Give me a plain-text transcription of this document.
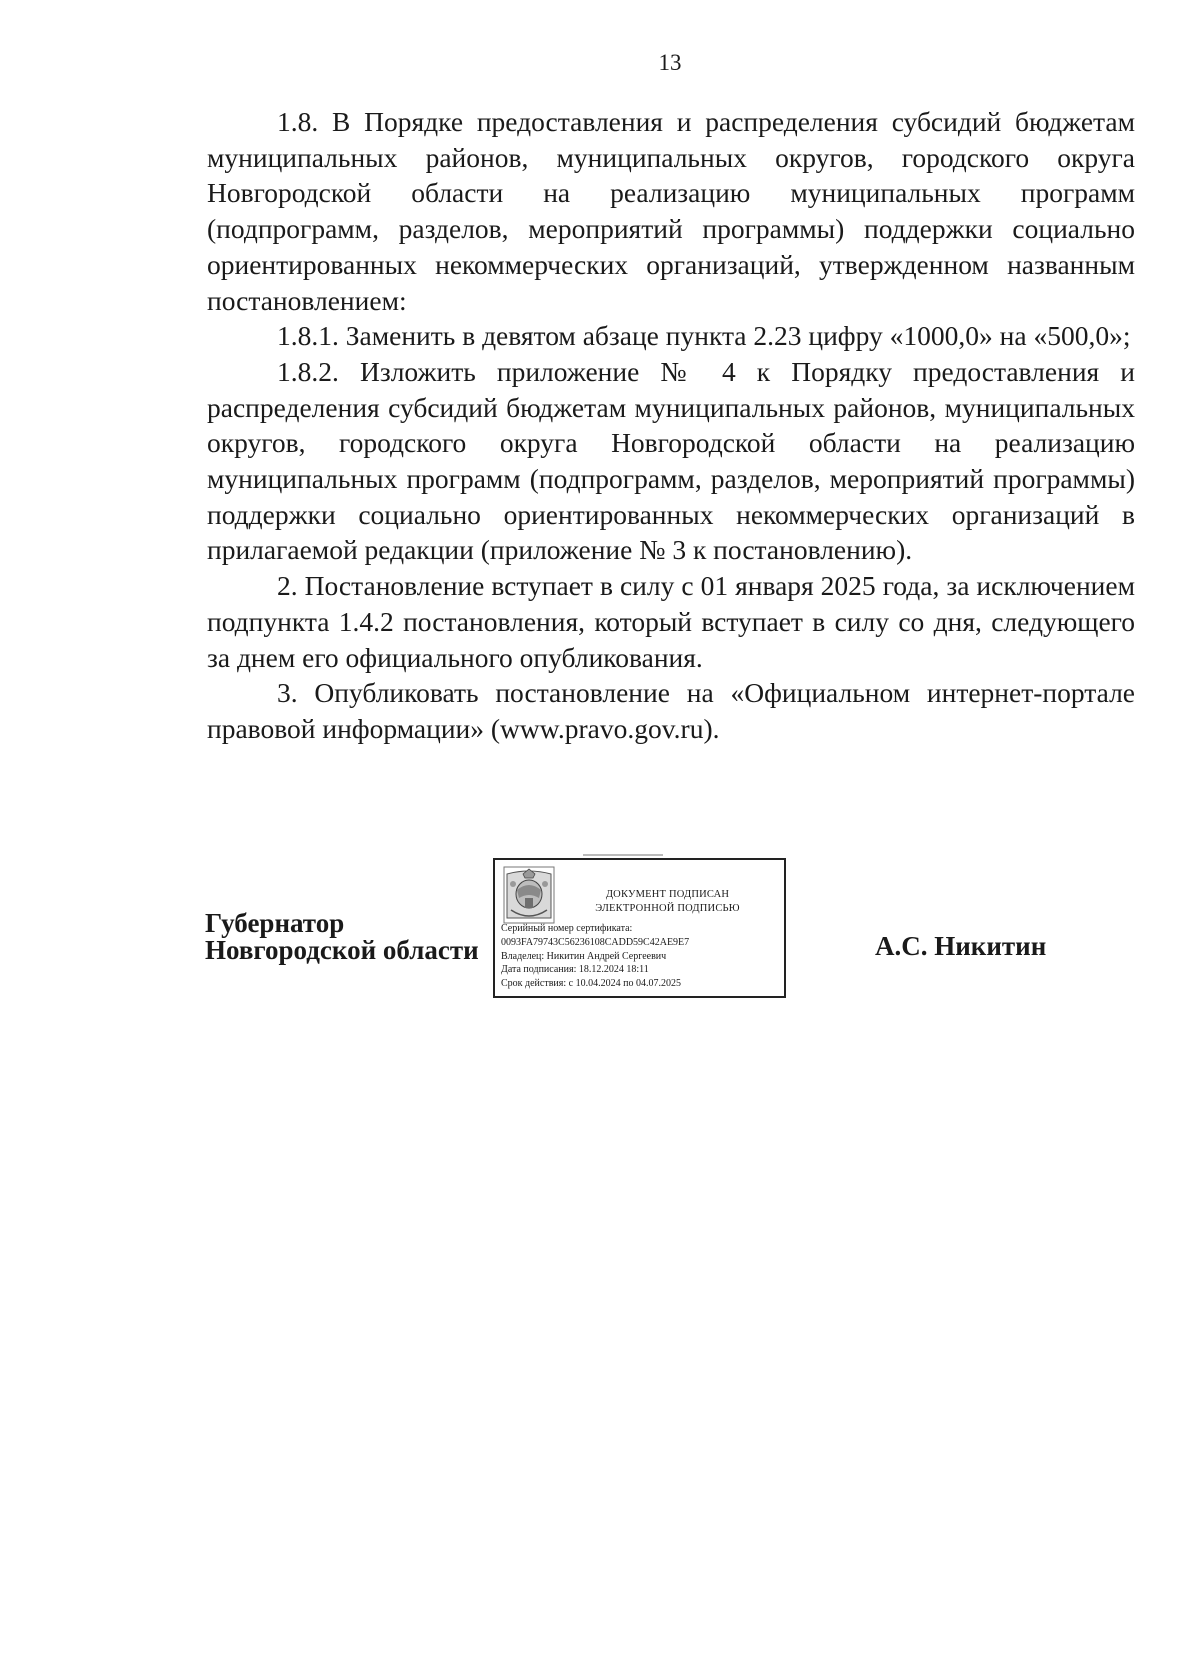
13

1.8. В Порядке предоставления и распределения субсидий бюджетам муниципальных районов, муниципальных округов, городского округа Новгородской области на реализацию муниципальных программ (подпрограмм, разделов, мероприятий программы) поддержки социально ориентированных некоммерческих организаций, утвержденном названным постановлением:

1.8.1. Заменить в девятом абзаце пункта 2.23 цифру «1000,0» на «500,0»;

1.8.2. Изложить приложение № 4 к Порядку предоставления и распределения субсидий бюджетам муниципальных районов, муниципальных округов, городского округа Новгородской области на реализацию муниципальных программ (подпрограмм, разделов, мероприятий программы) поддержки социально ориентированных некоммерческих организаций в прилагаемой редакции (приложение № 3 к постановлению).

2. Постановление вступает в силу с 01 января 2025 года, за исключением подпункта 1.4.2 постановления, который вступает в силу со дня, следующего за днем его официального опубликования.

3. Опубликовать постановление на «Официальном интернет-портале правовой информации» (www.pravo.gov.ru).

Губернатор
Новгородской области
ДОКУМЕНТ ПОДПИСАН
ЭЛЕКТРОННОЙ ПОДПИСЬЮ
Серийный номер сертификата:
0093FA79743C56236108CADD59C42AE9E7
Владелец: Никитин Андрей Сергеевич
Дата подписания: 18.12.2024 18:11
Срок действия: с 10.04.2024 по 04.07.2025
А.С. Никитин
